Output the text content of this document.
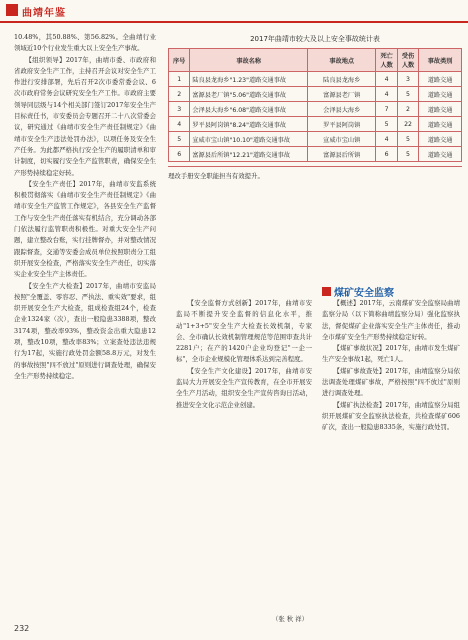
曲靖年鉴

10.48%，其50.88%、第56.82%。全曲靖行业领域近10个行业发生重大以上安全生产事故。

【组织领导】2017年，曲靖市委、市政府和省政府安全生产工作，主持召开会议对安全生产工作进行安排部署，先后召开2次市委常委会议、6次市政府常务会议研究安全生产工作。市政府主要领导同层级与14个相关部门签订2017年安全生产目标责任书，市安委员会专题召开二十八次常委会议，研究通过《曲靖市安全生产责任制规定》《曲靖市安全生产违法处罚办法》，以项任务及安全生产任务。为此都严格执行安全生产的履职清单和审计制度，切实履行安全生产监管职责，确保安全生产形势持续稳定好转。

【安全生产责任】2017年，曲靖市安监系统积极贯彻落实《曲靖市安全生产责任制规定》《曲靖市安全生产监管工作规定》，各县安全生产监督工作与安全生产责任落实有机结合，充分调动各部门依法履行监管职责积极性。对重大安全生产问题，建立整改台账，实行挂牌督办，并对整改情况跟踪督查，交通等安委会成员单位按照职责分工组织开展安全检查，严格落实安全生产责任，切实落实企业安全生产主体责任。

【安全生产大检查】2017年，曲靖市安监局按照"全覆盖、零容忍、严执法、重实效"要求，组织开展安全生产大检查，组成检查组24个，检查企业1324家（次），查出一般隐患3388项，整改3174项，整改率93%，整改资金出重大隐患12项，整改10项，整改率83%；立案查处违法违规行为17起，实施行政处罚金额58.8万元，对发生的事故按照"四不放过"原则进行调查处理，确保安全生产形势持续稳定。

2017年曲靖市较大及以上安全事故统计表
序号	事故名称	事故地点	死亡人数	受伤人数	事故类别
1	陆良县龙海乡"1.23"道路交通事故	陆良县龙海乡	4	3	道路交通
2	富源县老厂镇"5.06"道路交通事故	富源县老厂镇	4	5	道路交通
3	会泽县大海乡"6.08"道路交通事故	会泽县大海乡	7	2	道路交通
4	罗平县阿岗镇"8.24"道路交通事故	罗平县阿岗镇	5	22	道路交通
5	宣威市宝山镇"10.10"道路交通事故	宣威市宝山镇	4	5	道路交通
6	富源县后所镇"12.21"道路交通事故	富源县后所镇	6	5	道路交通
理改手册安全职能担当有效提升。

【安全监督方式创新】2017年，曲靖市安监局不断提升安全监督的信息化水平，推动"1+3+5"安全生产大检查长效机制，专家会、全市确认长效机制管理规范等范围审查共计2281户；在产的1420户企业均登记"一企一标"，全市企业规模化管理体系达到完善程度。

【安全生产文化建设】2017年，曲靖市安监局大力开展安全生产宣传教育，在全市开展安全生产月活动，组织安全生产宣传咨询日活动，推进安全文化示范企业创建。

煤矿安全监察

【概述】2017年，云南煤矿安全监察局曲靖监察分局（以下简称曲靖监察分局）强化监察执法，督促煤矿企业落实安全生产主体责任，推动全市煤矿安全生产形势持续稳定好转。

【煤矿事故状况】2017年，曲靖市发生煤矿生产安全事故1起，死亡1人。

【煤矿事故查处】2017年，曲靖监察分局依法调查处理煤矿事故，严格按照"四不放过"原则进行调查处理。

【煤矿执法检查】2017年，曲靖监察分局组织开展煤矿安全监察执法检查，共检查煤矿606矿次，查出一般隐患8335条，实施行政处罚。

（张 秋 祥）
232
